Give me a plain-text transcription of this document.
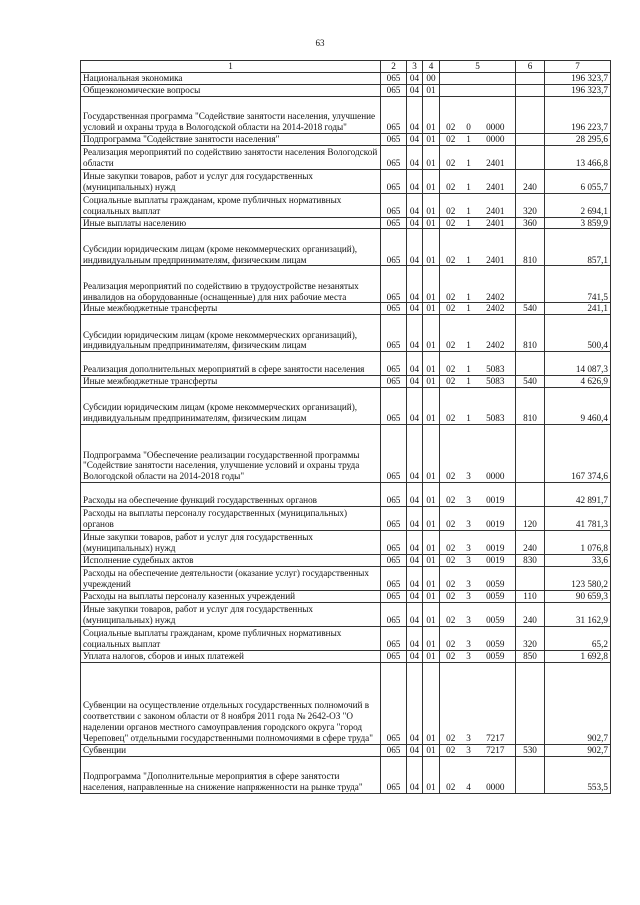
63
1	2	3	4	5			6	7
Национальная экономика	065	04	00					196 323,7
Общеэкономические вопросы	065	04	01					196 323,7
Государственная программа "Содействие занятости населения, улучшение условий и охраны труда в Вологодской области на 2014-2018 годы"	065	04	01	02	0	0000		196 223,7
Подпрограмма "Содействие занятости населения"	065	04	01	02	1	0000		28 295,6
Реализация мероприятий по содействию занятости населения Вологодской области	065	04	01	02	1	2401		13 466,8
Иные закупки товаров, работ и услуг для государственных (муниципальных) нужд	065	04	01	02	1	2401	240	6 055,7
Социальные выплаты гражданам, кроме публичных нормативных социальных выплат	065	04	01	02	1	2401	320	2 694,1
Иные выплаты населению	065	04	01	02	1	2401	360	3 859,9
Субсидии юридическим лицам (кроме некоммерческих организаций), индивидуальным предпринимателям, физическим лицам	065	04	01	02	1	2401	810	857,1
Реализация мероприятий по содействию в трудоустройстве незанятых инвалидов на оборудованные (оснащенные) для них рабочие места	065	04	01	02	1	2402		741,5
Иные межбюджетные трансферты	065	04	01	02	1	2402	540	241,1
Субсидии юридическим лицам (кроме некоммерческих организаций), индивидуальным предпринимателям, физическим лицам	065	04	01	02	1	2402	810	500,4
Реализация дополнительных мероприятий в сфере занятости населения	065	04	01	02	1	5083		14 087,3
Иные межбюджетные трансферты	065	04	01	02	1	5083	540	4 626,9
Субсидии юридическим лицам (кроме некоммерческих организаций), индивидуальным предпринимателям, физическим лицам	065	04	01	02	1	5083	810	9 460,4
Подпрограмма "Обеспечение реализации государственной программы "Содействие занятости населения, улучшение условий и охраны труда Вологодской области на 2014-2018 годы"	065	04	01	02	3	0000		167 374,6
Расходы на обеспечение функций государственных органов	065	04	01	02	3	0019		42 891,7
Расходы на выплаты персоналу государственных (муниципальных) органов	065	04	01	02	3	0019	120	41 781,3
Иные закупки товаров, работ и услуг для государственных (муниципальных) нужд	065	04	01	02	3	0019	240	1 076,8
Исполнение судебных актов	065	04	01	02	3	0019	830	33,6
Расходы на обеспечение деятельности (оказание услуг) государственных учреждений	065	04	01	02	3	0059		123 580,2
Расходы на выплаты персоналу казенных учреждений	065	04	01	02	3	0059	110	90 659,3
Иные закупки товаров, работ и услуг для государственных (муниципальных) нужд	065	04	01	02	3	0059	240	31 162,9
Социальные выплаты гражданам, кроме публичных нормативных социальных выплат	065	04	01	02	3	0059	320	65,2
Уплата налогов, сборов и иных платежей	065	04	01	02	3	0059	850	1 692,8
Субвенции на осуществление отдельных государственных полномочий в соответствии с законом области от 8 ноября 2011 года № 2642-ОЗ "О наделении органов местного самоуправления городского округа "город Череповец" отдельными государственными полномочиями в сфере труда"	065	04	01	02	3	7217		902,7
Субвенции	065	04	01	02	3	7217	530	902,7
Подпрограмма "Дополнительные мероприятия в сфере занятости населения, направленные на снижение напряженности на рынке труда"	065	04	01	02	4	0000		553,5
